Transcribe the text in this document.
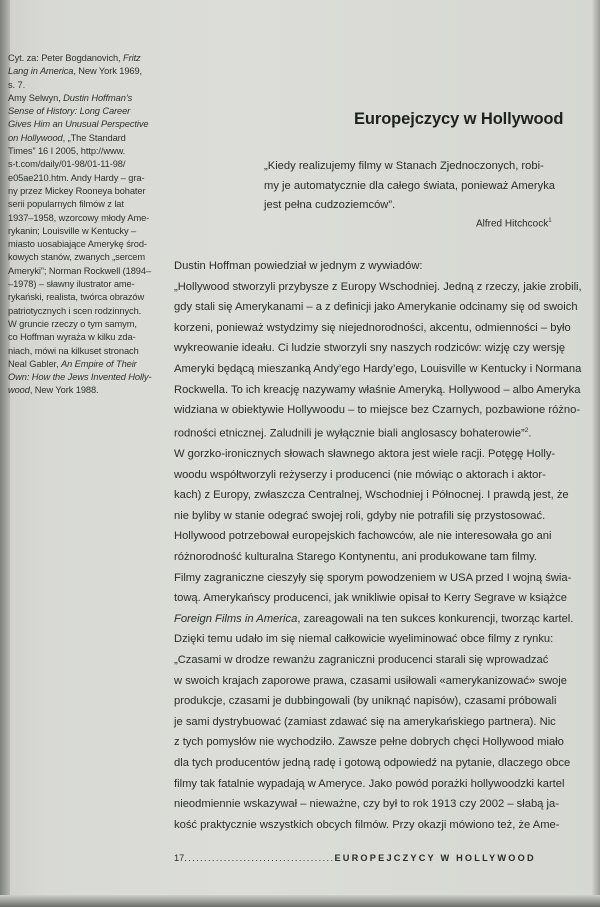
Cyt. za: Peter Bogdanovich, Fritz
Lang in America, New York 1969,
s. 7.
Amy Selwyn, Dustin Hoffman’s
Sense of History: Long Career
Gives Him an Unusual Perspective
on Hollywood, „The Standard
Times” 16 I 2005, http://www.
s-t.com/daily/01-98/01-11-98/
e05ae210.htm. Andy Hardy – gra-
ny przez Mickey Rooneya bohater
serii popularnych filmów z lat
1937–1958, wzorcowy młody Ame-
rykanin; Louisville w Kentucky –
miasto uosabiające Amerykę środ-
kowych stanów, zwanych „sercem
Ameryki”; Norman Rockwell (1894–
–1978) – sławny ilustrator ame-
rykański, realista, twórca obrazów
patriotycznych i scen rodzinnych.
W gruncie rzeczy o tym samym,
co Hoffman wyraża w kilku zda-
niach, mówi na kilkuset stronach
Neal Gabler, An Empire of Their
Own: How the Jews Invented Holly-
wood, New York 1988.
Europejczycy w Hollywood
„Kiedy realizujemy filmy w Stanach Zjednoczonych, robi-
my je automatycznie dla całego świata, ponieważ Ameryka
jest pełna cudzoziemców”.
Alfred Hitchcock$^1$
Dustin Hoffman powiedział w jednym z wywiadów:
„Hollywood stworzyli przybysze z Europy Wschodniej. Jedną z rzeczy, jakie zrobili,
gdy stali się Amerykanami – a z definicji jako Amerykanie odcinamy się od swoich
korzeni, ponieważ wstydzimy się niejednorodności, akcentu, odmienności – było
wykreowanie ideału. Ci ludzie stworzyli sny naszych rodziców: wizję czy wersję
Ameryki będącą mieszanką Andy’ego Hardy’ego, Louisville w Kentucky i Normana
Rockwella. To ich kreację nazywamy właśnie Ameryką. Hollywood – albo Ameryka
widziana w obiektywie Hollywoodu – to miejsce bez Czarnych, pozbawione różno-
rodności etnicznej. Zaludnili je wyłącznie biali anglosascy bohaterowie”$^2$.
W gorzko-ironicznych słowach sławnego aktora jest wiele racji. Potęgę Holly-
woodu współtworzyli reżyserzy i producenci (nie mówiąc o aktorach i aktor-
kach) z Europy, zwłaszcza Centralnej, Wschodniej i Północnej. I prawdą jest, że
nie byliby w stanie odegrać swojej roli, gdyby nie potrafili się przystosować.
Hollywood potrzebował europejskich fachowców, ale nie interesowała go ani
różnorodność kulturalna Starego Kontynentu, ani produkowane tam filmy.
Filmy zagraniczne cieszyły się sporym powodzeniem w USA przed I wojną świa-
tową. Amerykańscy producenci, jak wnikliwie opisał to Kerry Segrave w książce
Foreign Films in America, zareagowali na ten sukces konkurencji, tworząc kartel.
Dzięki temu udało im się niemal całkowicie wyeliminować obce filmy z rynku:
„Czasami w drodze rewanżu zagraniczni producenci starali się wprowadzać
w swoich krajach zaporowe prawa, czasami usiłowali «amerykanizować» swoje
produkcje, czasami je dubbingowali (by uniknąć napisów), czasami próbowali
je sami dystrybuować (zamiast zdawać się na amerykańskiego partnera). Nic
z tych pomysłów nie wychodziło. Zawsze pełne dobrych chęci Hollywood miało
dla tych producentów jedną radę i gotową odpowiedź na pytanie, dlaczego obce
filmy tak fatalnie wypadają w Ameryce. Jako powód porażki hollywoodzki kartel
nieodmiennie wskazywał – nieważne, czy był to rok 1913 czy 2002 – słabą ja-
kość praktycznie wszystkich obcych filmów. Przy okazji mówiono też, że Ame-
17......................................EUROPEJCZYCY W HOLLYWOOD
